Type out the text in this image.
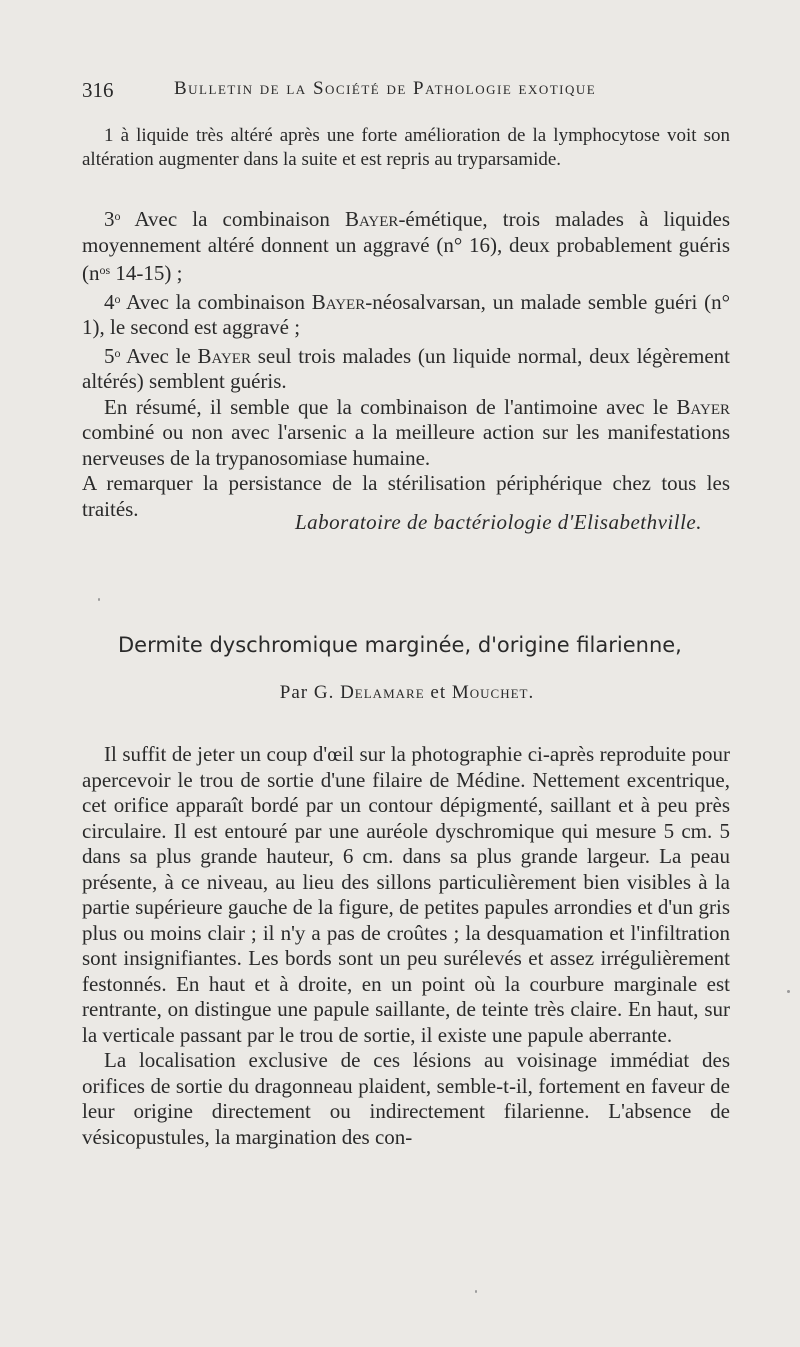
316	Bulletin de la Société de Pathologie exotique

1 à liquide très altéré après une forte amélioration de la lymphocytose voit son altération augmenter dans la suite et est repris au tryparsamide.

3$^o$ Avec la combinaison Bayer-émétique, trois malades à liquides moyennement altéré donnent un aggravé (n° 16), deux probablement guéris ($n^{os}$ 14-15) ;

4$^o$ Avec la combinaison Bayer-néosalvarsan, un malade semble guéri (n° 1), le second est aggravé ;

5$^o$ Avec le Bayer seul trois malades (un liquide normal, deux légèrement altérés) semblent guéris.

En résumé, il semble que la combinaison de l'antimoine avec le Bayer combiné ou non avec l'arsenic a la meilleure action sur les manifestations nerveuses de la trypanosomiase humaine.

A remarquer la persistance de la stérilisation périphérique chez tous les traités.

Laboratoire de bactériologie d'Elisabethville.
Dermite dyschromique marginée, d'origine filarienne,
Par G. Delamare et Mouchet.

Il suffit de jeter un coup d'œil sur la photographie ci-après reproduite pour apercevoir le trou de sortie d'une filaire de Médine. Nettement excentrique, cet orifice apparaît bordé par un contour dépigmenté, saillant et à peu près circulaire. Il est entouré par une auréole dyschromique qui mesure 5 cm. 5 dans sa plus grande hauteur, 6 cm. dans sa plus grande largeur. La peau présente, à ce niveau, au lieu des sillons particulièrement bien visibles à la partie supérieure gauche de la figure, de petites papules arrondies et d'un gris plus ou moins clair ; il n'y a pas de croûtes ; la desquamation et l'infiltration sont insignifiantes. Les bords sont un peu surélevés et assez irrégulièrement festonnés. En haut et à droite, en un point où la courbure marginale est rentrante, on distingue une papule saillante, de teinte très claire. En haut, sur la verticale passant par le trou de sortie, il existe une papule aberrante.

La localisation exclusive de ces lésions au voisinage immédiat des orifices de sortie du dragonneau plaident, semble-t-il, fortement en faveur de leur origine directement ou indirectement filarienne. L'absence de vésicopustules, la margination des con-
